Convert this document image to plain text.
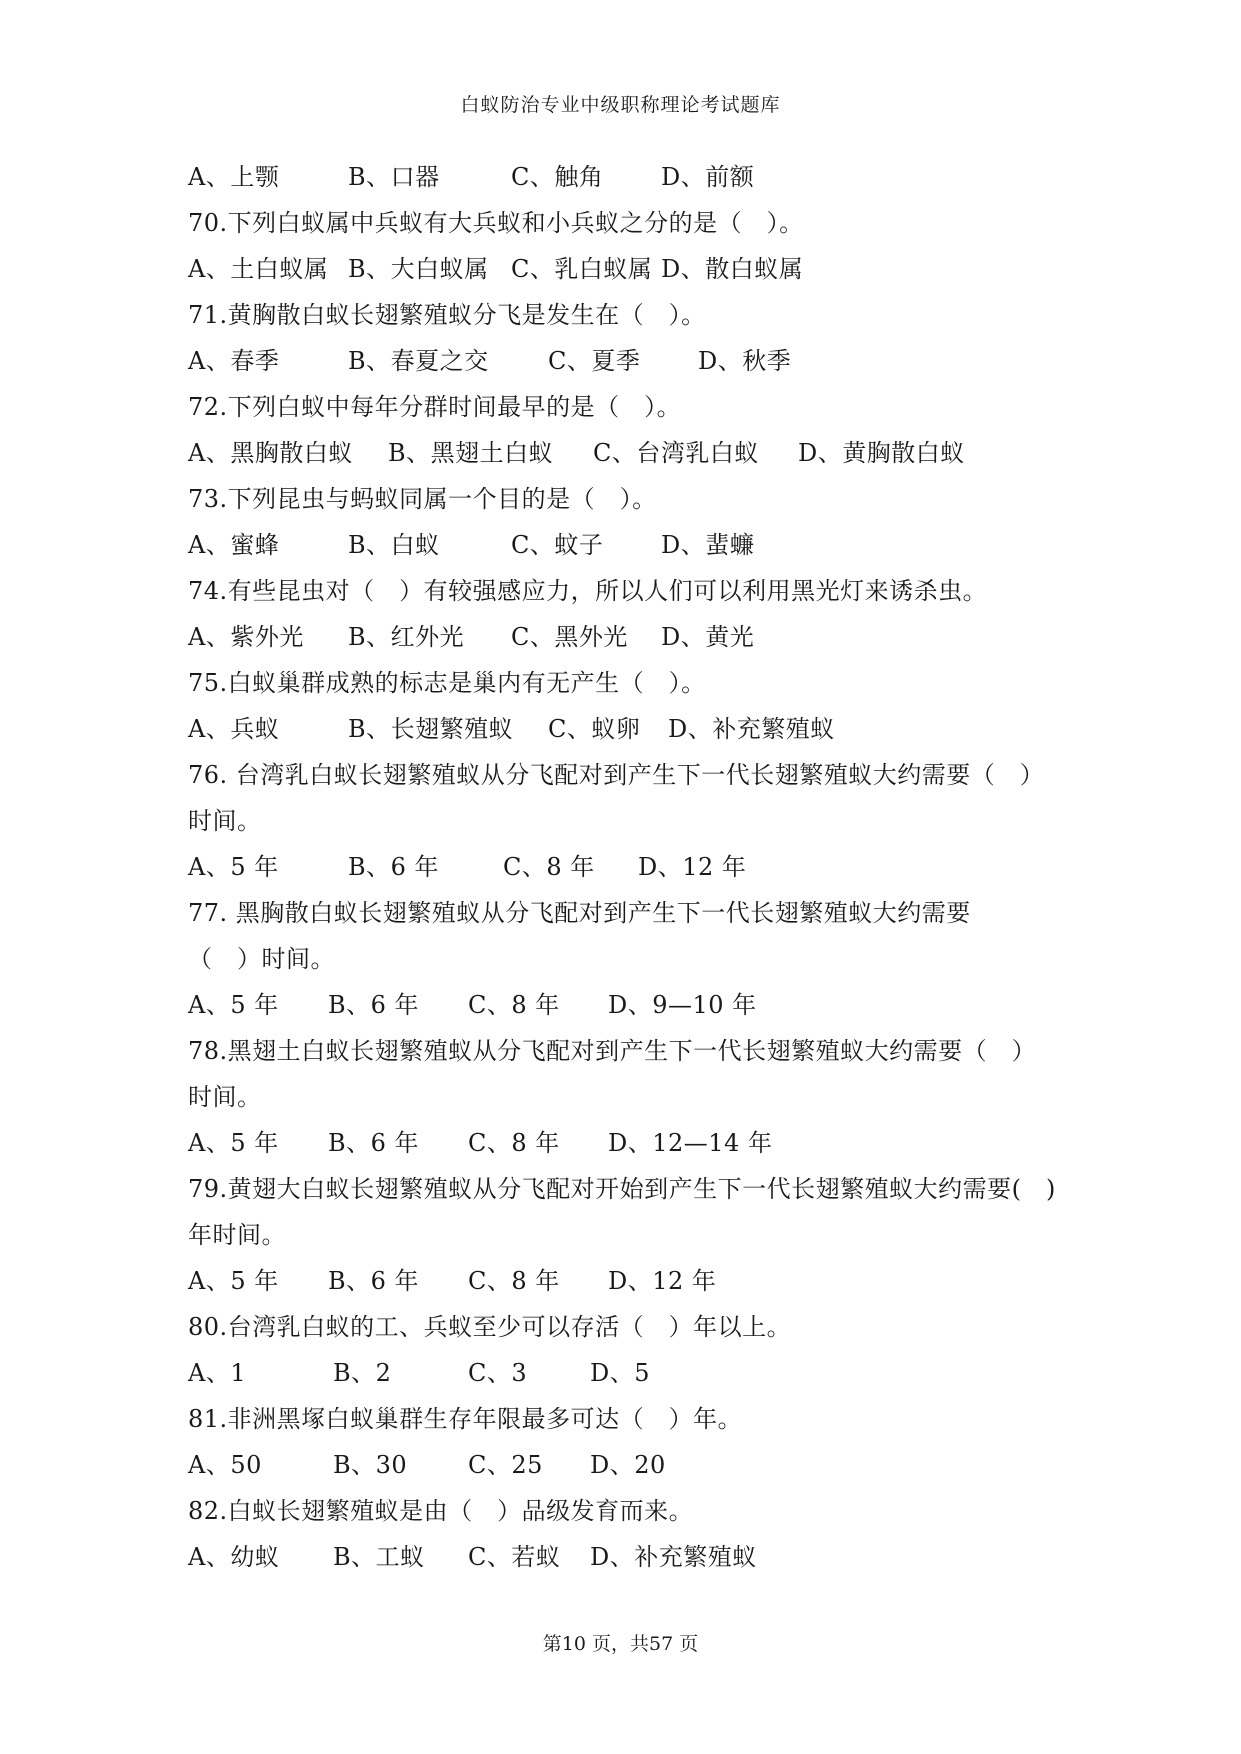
白蚁防治专业中级职称理论考试题库
A、上颚	B、口器	C、触角 D、前额
70.下列白蚁属中兵蚁有大兵蚁和小兵蚁之分的是（　）。
A、土白蚁属 B、大白蚁属 C、乳白蚁属 D、散白蚁属
71.黄胸散白蚁长翅繁殖蚁分飞是发生在（　）。
A、春季	B、春夏之交 C、夏季 D、秋季
72.下列白蚁中每年分群时间最早的是（　）。
A、黑胸散白蚁 B、黑翅土白蚁 C、台湾乳白蚁 D、黄胸散白蚁
73.下列昆虫与蚂蚁同属一个目的是（　）。
A、蜜蜂	B、白蚁	C、蚊子 D、蜚蠊
74.有些昆虫对（　）有较强感应力，所以人们可以利用黑光灯来诱杀虫。
A、紫外光 B、红外光 C、黑外光 D、黄光
75.白蚁巢群成熟的标志是巢内有无产生（　）。
A、兵蚁	B、长翅繁殖蚁 C、蚁卵 D、补充繁殖蚁
76. 台湾乳白蚁长翅繁殖蚁从分飞配对到产生下一代长翅繁殖蚁大约需要（　）
时间。
A、5 年	B、6 年	C、8 年 D、12 年
77. 黑胸散白蚁长翅繁殖蚁从分飞配对到产生下一代长翅繁殖蚁大约需要
（　）时间。
A、5 年 B、6 年 C、8 年 D、9—10 年
78.黑翅土白蚁长翅繁殖蚁从分飞配对到产生下一代长翅繁殖蚁大约需要（　）
时间。
A、5 年 B、6 年 C、8 年 D、12—14 年
79.黄翅大白蚁长翅繁殖蚁从分飞配对开始到产生下一代长翅繁殖蚁大约需要(　)
年时间。
A、5 年 B、6 年 C、8 年 D、12 年
80.台湾乳白蚁的工、兵蚁至少可以存活（　）年以上。
A、1	B、2	C、3	D、5
81.非洲黑塚白蚁巢群生存年限最多可达（　）年。
A、50	B、30	C、25 D、20
82.白蚁长翅繁殖蚁是由（　）品级发育而来。
A、幼蚁 B、工蚁 C、若蚁 D、补充繁殖蚁
第10 页，共57 页
